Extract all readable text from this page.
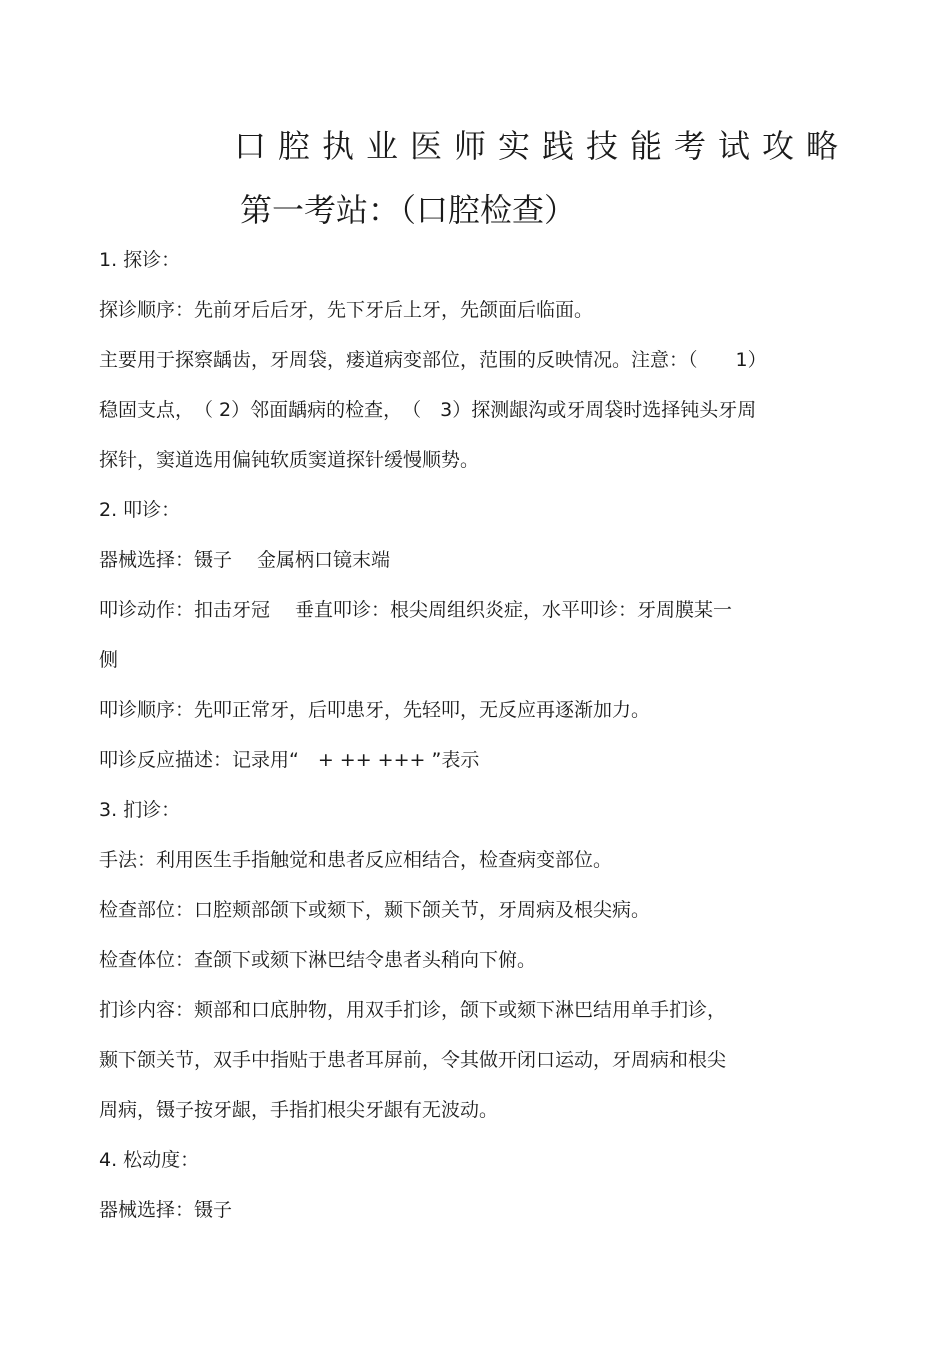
口腔执业医师实践技能考试攻略
第一考站：（口腔检查）
1. 探诊：
探诊顺序：先前牙后后牙，先下牙后上牙，先颌面后临面。
主要用于探察龋齿，牙周袋，瘘道病变部位，范围的反映情况。注意：（　　1）
稳固支点，　（ 2）邻面龋病的检查，　（　3）探测龈沟或牙周袋时选择钝头牙周
探针，窦道选用偏钝软质窦道探针缓慢顺势。
2. 叩诊：
器械选择：镊子　 金属柄口镜末端
叩诊动作：扣击牙冠　 垂直叩诊：根尖周组织炎症，水平叩诊：牙周膜某一
侧
叩诊顺序：先叩正常牙，后叩患牙，先轻叩，无反应再逐渐加力。
叩诊反应描述：记录用“　+ ++ +++ ”表示
3. 扪诊：
手法：利用医生手指触觉和患者反应相结合，检查病变部位。
检查部位：口腔颊部颌下或颏下，颞下颌关节，牙周病及根尖病。
检查体位：查颌下或颏下淋巴结令患者头稍向下俯。
扪诊内容：颊部和口底肿物，用双手扪诊，颌下或颏下淋巴结用单手扪诊，
颞下颌关节，双手中指贴于患者耳屏前，令其做开闭口运动，牙周病和根尖
周病，镊子按牙龈，手指扪根尖牙龈有无波动。
4. 松动度：
器械选择：镊子
